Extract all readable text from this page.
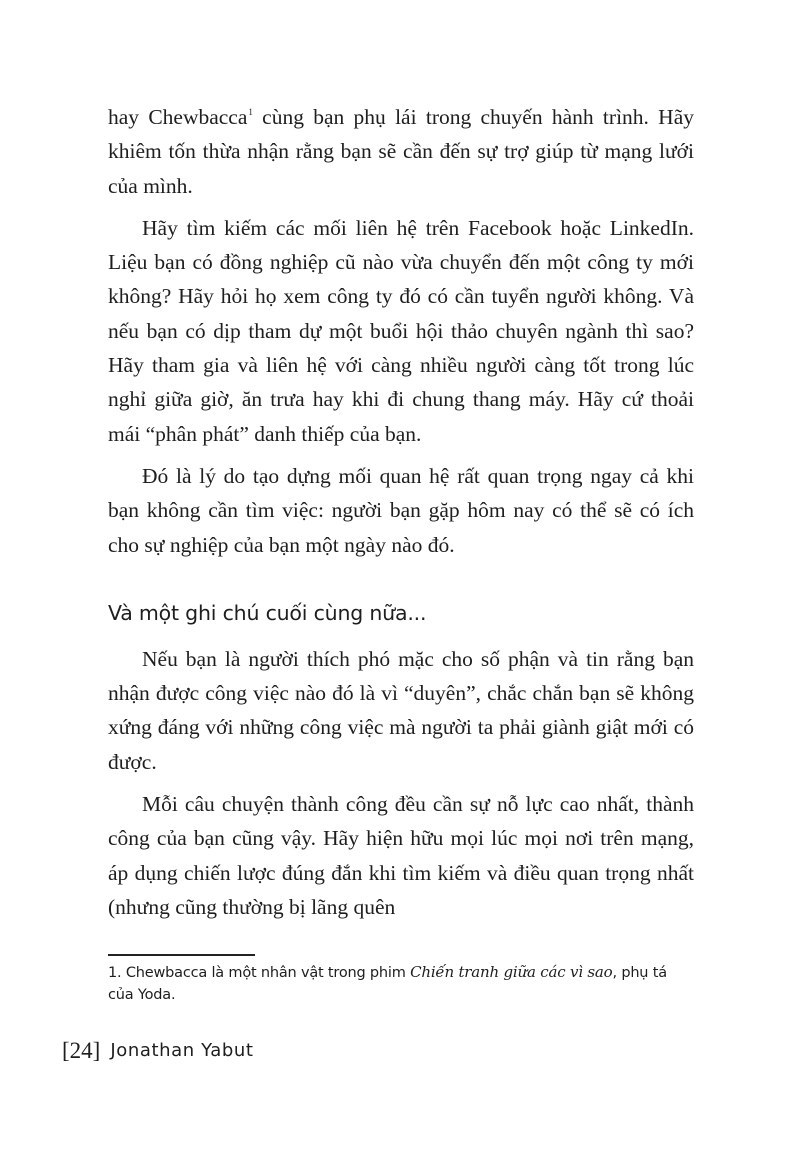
hay Chewbacca$^1$ cùng bạn phụ lái trong chuyến hành trình. Hãy khiêm tốn thừa nhận rằng bạn sẽ cần đến sự trợ giúp từ mạng lưới của mình.

Hãy tìm kiếm các mối liên hệ trên Facebook hoặc LinkedIn. Liệu bạn có đồng nghiệp cũ nào vừa chuyển đến một công ty mới không? Hãy hỏi họ xem công ty đó có cần tuyển người không. Và nếu bạn có dịp tham dự một buổi hội thảo chuyên ngành thì sao? Hãy tham gia và liên hệ với càng nhiều người càng tốt trong lúc nghỉ giữa giờ, ăn trưa hay khi đi chung thang máy. Hãy cứ thoải mái “phân phát” danh thiếp của bạn.

Đó là lý do tạo dựng mối quan hệ rất quan trọng ngay cả khi bạn không cần tìm việc: người bạn gặp hôm nay có thể sẽ có ích cho sự nghiệp của bạn một ngày nào đó.

Và một ghi chú cuối cùng nữa...

Nếu bạn là người thích phó mặc cho số phận và tin rằng bạn nhận được công việc nào đó là vì “duyên”, chắc chắn bạn sẽ không xứng đáng với những công việc mà người ta phải giành giật mới có được.

Mỗi câu chuyện thành công đều cần sự nỗ lực cao nhất, thành công của bạn cũng vậy. Hãy hiện hữu mọi lúc mọi nơi trên mạng, áp dụng chiến lược đúng đắn khi tìm kiếm và điều quan trọng nhất (nhưng cũng thường bị lãng quên

1. Chewbacca là một nhân vật trong phim Chiến tranh giữa các vì sao, phụ tá của Yoda.
[24] Jonathan Yabut
